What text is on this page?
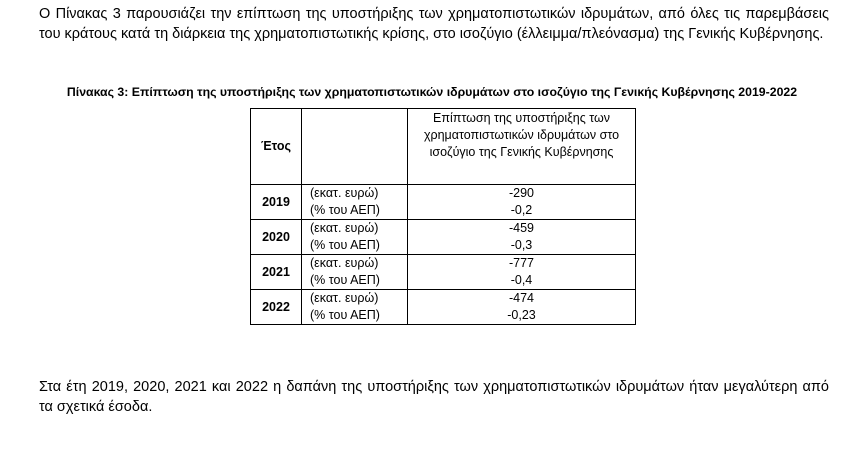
Ο Πίνακας 3 παρουσιάζει την επίπτωση της υποστήριξης των χρηματοπιστωτικών ιδρυμάτων, από όλες τις παρεμβάσεις του κράτους κατά τη διάρκεια της χρηματοπιστωτικής κρίσης, στο ισοζύγιο (έλλειμμα/πλεόνασμα) της Γενικής Κυβέρνησης.

Πίνακας 3: Επίπτωση της υποστήριξης των χρηματοπιστωτικών ιδρυμάτων στο ισοζύγιο της Γενικής Κυβέρνησης 2019-2022

Έτος		Επίπτωση της υποστήριξης των χρηματοπιστωτικών ιδρυμάτων στο ισοζύγιο της Γενικής Κυβέρνησης
2019	(εκατ. ευρώ)	-290
	(% του ΑΕΠ)	-0,2
2020	(εκατ. ευρώ)	-459
	(% του ΑΕΠ)	-0,3
2021	(εκατ. ευρώ)	-777
	(% του ΑΕΠ)	-0,4
2022	(εκατ. ευρώ)	-474
	(% του ΑΕΠ)	-0,23

Στα έτη 2019, 2020, 2021 και 2022 η δαπάνη της υποστήριξης των χρηματοπιστωτικών ιδρυμάτων ήταν μεγαλύτερη από τα σχετικά έσοδα.
